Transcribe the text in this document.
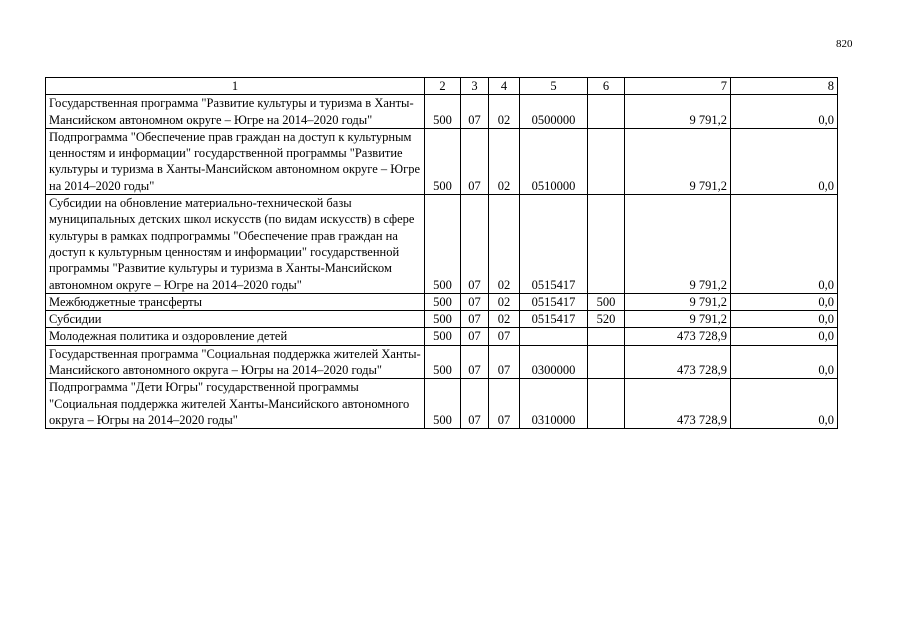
820
1	2	3	4	5	6	7	8
Государственная программа "Развитие культуры и туризма в Ханты-Мансийском автономном округе – Югре на 2014–2020 годы"	500	07	02	0500000		9 791,2	0,0
Подпрограмма "Обеспечение прав граждан на доступ к культурным ценностям и информации" государственной программы "Развитие культуры и туризма в Ханты-Мансийском автономном округе – Югре на 2014–2020 годы"	500	07	02	0510000		9 791,2	0,0
Субсидии на обновление материально-технической базы муниципальных детских школ искусств (по видам искусств) в сфере культуры в рамках подпрограммы "Обеспечение прав граждан на доступ к культурным ценностям и информации" государственной программы "Развитие культуры и туризма в Ханты-Мансийском автономном округе – Югре на 2014–2020 годы"	500	07	02	0515417		9 791,2	0,0
Межбюджетные трансферты	500	07	02	0515417	500	9 791,2	0,0
Субсидии	500	07	02	0515417	520	9 791,2	0,0
Молодежная политика и оздоровление детей	500	07	07			473 728,9	0,0
Государственная программа "Социальная поддержка жителей Ханты-Мансийского автономного округа – Югры на 2014–2020 годы"	500	07	07	0300000		473 728,9	0,0
Подпрограмма "Дети Югры" государственной программы "Социальная поддержка жителей Ханты-Мансийского автономного округа – Югры на 2014–2020 годы"	500	07	07	0310000		473 728,9	0,0
